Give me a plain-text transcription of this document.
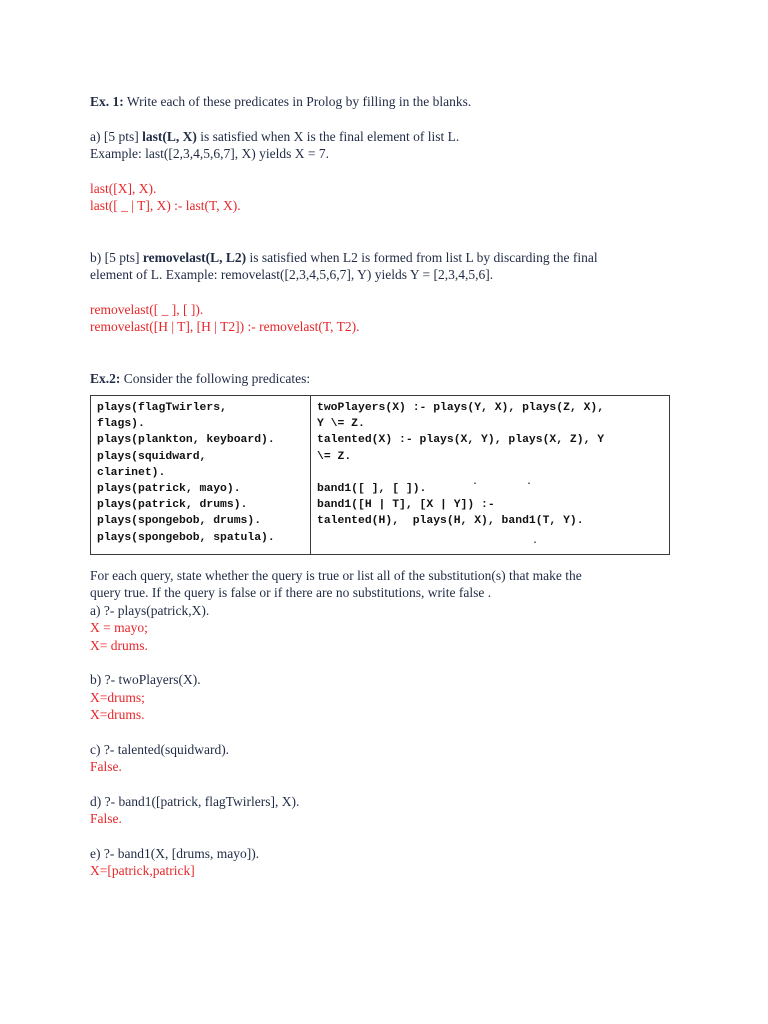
Ex. 1: Write each of these predicates in Prolog by filling in the blanks.

a) [5 pts] last(L, X) is satisfied when X is the final element of list L.

Example: last([2,3,4,5,6,7], X) yields X = 7.

last([X], X).

last([ _ | T], X) :- last(T, X).

b) [5 pts] removelast(L, L2) is satisfied when L2 is formed from list L by discarding the final

element of L. Example: removelast([2,3,4,5,6,7], Y) yields Y = [2,3,4,5,6].

removelast([ _ ], [ ]).

removelast([H | T], [H | T2]) :- removelast(T, T2).

Ex.2: Consider the following predicates:

plays(flagTwirlers,
flags).
plays(plankton, keyboard).
plays(squidward,
clarinet).
plays(patrick, mayo).
plays(patrick, drums).
plays(spongebob, drums).
plays(spongebob, spatula).

twoPlayers(X) :- plays(Y, X), plays(Z, X),
Y \= Z.
talented(X) :- plays(X, Y), plays(X, Z), Y
\= Z.

band1([ ], [ ]).
band1([H | T], [X | Y]) :-
talented(H),  plays(H, X), band1(T, Y).

For each query, state whether the query is true or list all of the substitution(s) that make the

query true. If the query is false or if there are no substitutions, write false .

a) ?- plays(patrick,X).

X = mayo;

X= drums.

b) ?- twoPlayers(X).

X=drums;

X=drums.

c) ?- talented(squidward).

False.

d) ?- band1([patrick, flagTwirlers], X).

False.

e) ?- band1(X, [drums, mayo]).

X=[patrick,patrick]

.	.
.
